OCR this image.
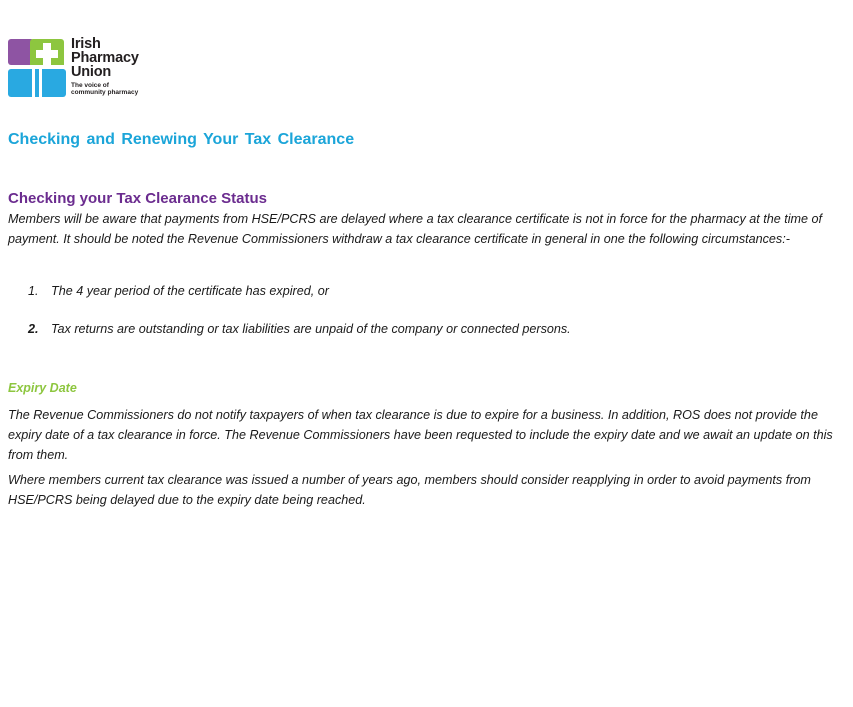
Irish
Pharmacy
Union
The voice of
community pharmacy
Checking and Renewing Your Tax Clearance
Checking your Tax Clearance Status

Members will be aware that payments from HSE/PCRS are delayed where a tax clearance certificate is not in force for the pharmacy at the time of payment. It should be noted the Revenue Commissioners withdraw a tax clearance certificate in general in one the following circumstances:-

1. The 4 year period of the certificate has expired, or
2. Tax returns are outstanding or tax liabilities are unpaid of the company or connected persons.
Expiry Date

The Revenue Commissioners do not notify taxpayers of when tax clearance is due to expire for a business. In addition, ROS does not provide the expiry date of a tax clearance in force. The Revenue Commissioners have been requested to include the expiry date and we await an update on this from them.

Where members current tax clearance was issued a number of years ago, members should consider reapplying in order to avoid payments from HSE/PCRS being delayed due to the expiry date being reached.
